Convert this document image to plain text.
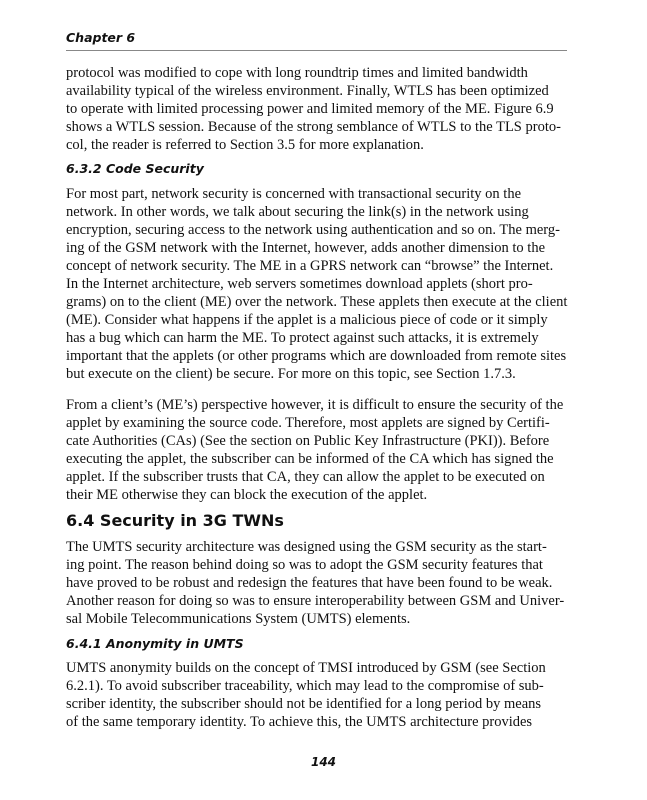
Chapter 6
protocol was modified to cope with long roundtrip times and limited bandwidth
availability typical of the wireless environment. Finally, WTLS has been optimized
to operate with limited processing power and limited memory of the ME. Figure 6.9
shows a WTLS session. Because of the strong semblance of WTLS to the TLS proto-
col, the reader is referred to Section 3.5 for more explanation.
6.3.2 Code Security
For most part, network security is concerned with transactional security on the
network. In other words, we talk about securing the link(s) in the network using
encryption, securing access to the network using authentication and so on. The merg-
ing of the GSM network with the Internet, however, adds another dimension to the
concept of network security. The ME in a GPRS network can “browse” the Internet.
In the Internet architecture, web servers sometimes download applets (short pro-
grams) on to the client (ME) over the network. These applets then execute at the client
(ME). Consider what happens if the applet is a malicious piece of code or it simply
has a bug which can harm the ME. To protect against such attacks, it is extremely
important that the applets (or other programs which are downloaded from remote sites
but execute on the client) be secure. For more on this topic, see Section 1.7.3.
From a client’s (ME’s) perspective however, it is difficult to ensure the security of the
applet by examining the source code. Therefore, most applets are signed by Certifi-
cate Authorities (CAs) (See the section on Public Key Infrastructure (PKI)). Before
executing the applet, the subscriber can be informed of the CA which has signed the
applet. If the subscriber trusts that CA, they can allow the applet to be executed on
their ME otherwise they can block the execution of the applet.
6.4 Security in 3G TWNs
The UMTS security architecture was designed using the GSM security as the start-
ing point. The reason behind doing so was to adopt the GSM security features that
have proved to be robust and redesign the features that have been found to be weak.
Another reason for doing so was to ensure interoperability between GSM and Univer-
sal Mobile Telecommunications System (UMTS) elements.
6.4.1 Anonymity in UMTS
UMTS anonymity builds on the concept of TMSI introduced by GSM (see Section
6.2.1). To avoid subscriber traceability, which may lead to the compromise of sub-
scriber identity, the subscriber should not be identified for a long period by means
of the same temporary identity. To achieve this, the UMTS architecture provides
144
